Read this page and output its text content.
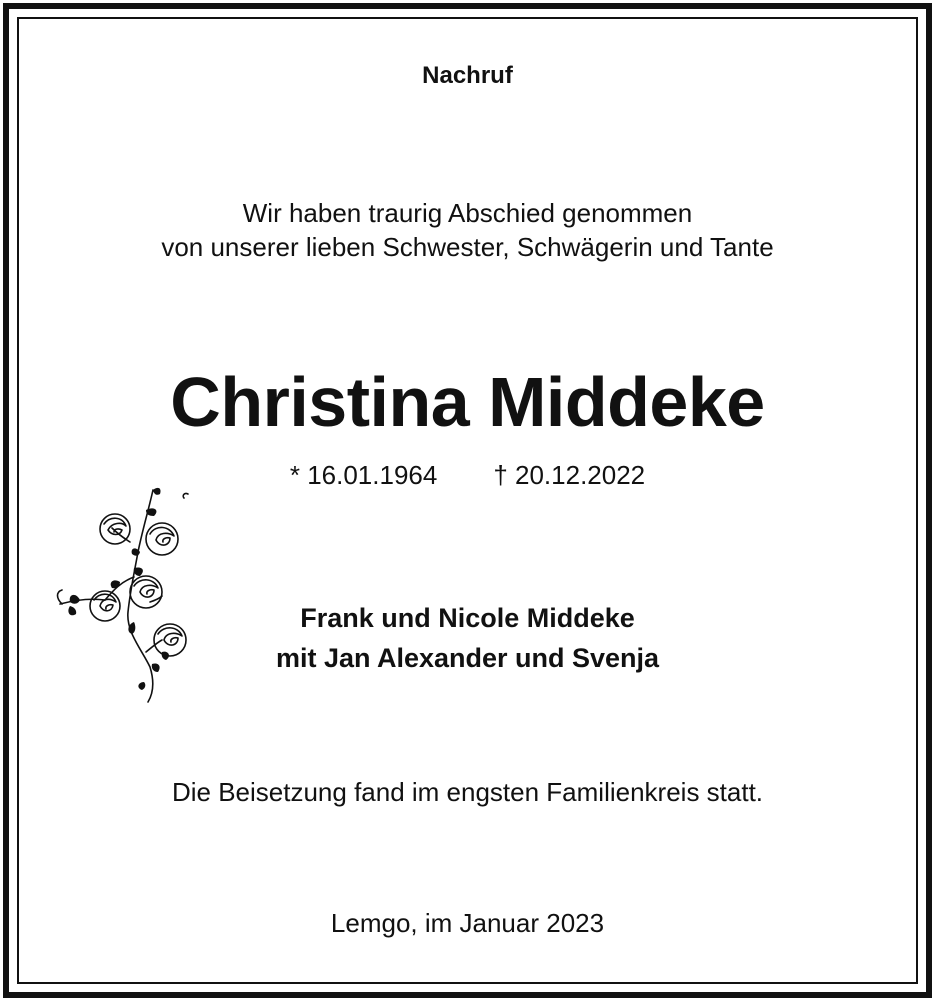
Nachruf
Wir haben traurig Abschied genommen
von unserer lieben Schwester, Schwägerin und Tante
Christina Middeke
* 16.01.1964 † 20.12.2022
Frank und Nicole Middeke
mit Jan Alexander und Svenja
Die Beisetzung fand im engsten Familienkreis statt.
Lemgo, im Januar 2023
